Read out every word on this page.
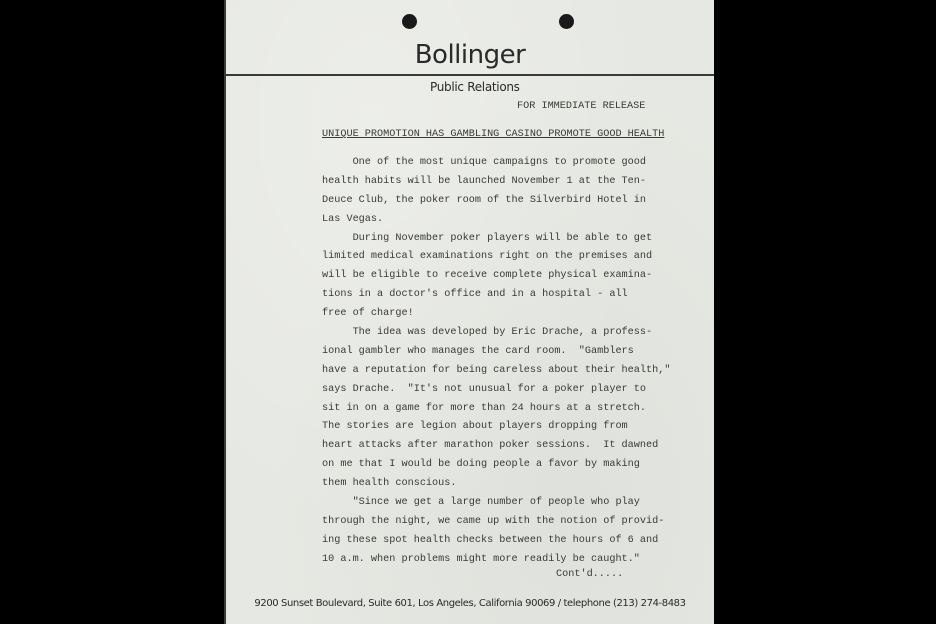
Bollinger
Public Relations
FOR IMMEDIATE RELEASE
UNIQUE PROMOTION HAS GAMBLING CASINO PROMOTE GOOD HEALTH
One of the most unique campaigns to promote good
health habits will be launched November 1 at the Ten-
Deuce Club, the poker room of the Silverbird Hotel in
Las Vegas.
During November poker players will be able to get
limited medical examinations right on the premises and
will be eligible to receive complete physical examina-
tions in a doctor's office and in a hospital - all
free of charge!
The idea was developed by Eric Drache, a profess-
ional gambler who manages the card room.  "Gamblers
have a reputation for being careless about their health,"
says Drache.  "It's not unusual for a poker player to
sit in on a game for more than 24 hours at a stretch.
The stories are legion about players dropping from
heart attacks after marathon poker sessions.  It dawned
on me that I would be doing people a favor by making
them health conscious.
"Since we get a large number of people who play
through the night, we came up with the notion of provid-
ing these spot health checks between the hours of 6 and
10 a.m. when problems might more readily be caught."
Cont'd.....
9200 Sunset Boulevard, Suite 601, Los Angeles, California 90069 / telephone (213) 274-8483
